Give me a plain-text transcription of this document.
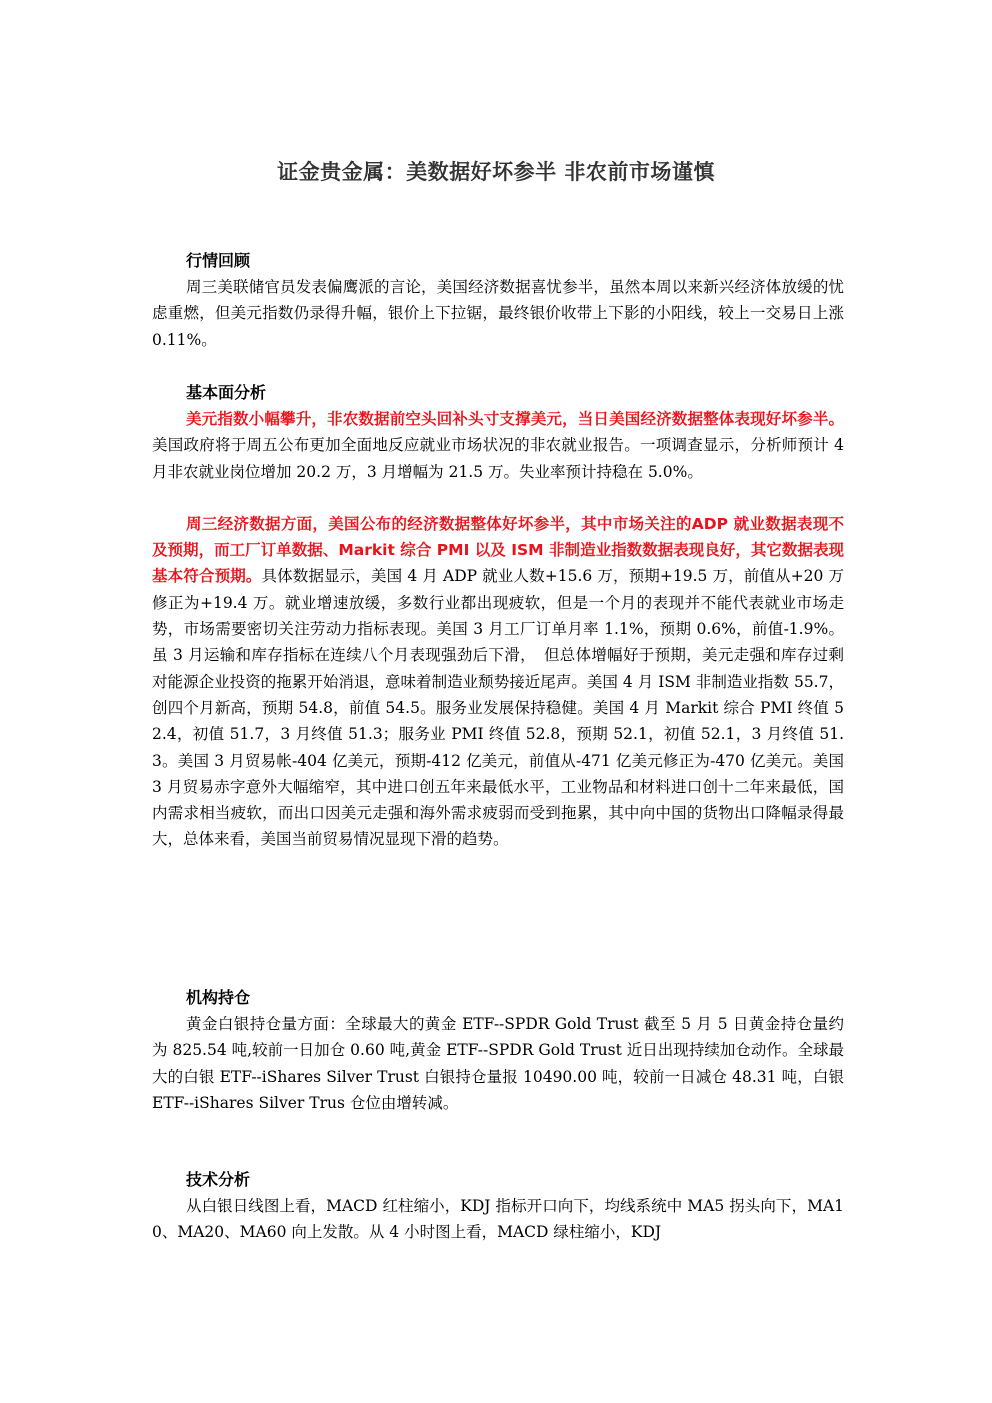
证金贵金属：美数据好坏参半 非农前市场谨慎
行情回顾

周三美联储官员发表偏鹰派的言论，美国经济数据喜忧参半，虽然本周以来新兴经济体放缓的忧虑重燃，但美元指数仍录得升幅，银价上下拉锯，最终银价收带上下影的小阳线，较上一交易日上涨 0.11%。

基本面分析

美元指数小幅攀升，非农数据前空头回补头寸支撑美元，当日美国经济数据整体表现好坏参半。美国政府将于周五公布更加全面地反应就业市场状况的非农就业报告。一项调查显示，分析师预计 4 月非农就业岗位增加 20.2 万，3 月增幅为 21.5 万。失业率预计持稳在 5.0%。

周三经济数据方面，美国公布的经济数据整体好坏参半，其中市场关注的ADP 就业数据表现不及预期，而工厂订单数据、Markit 综合 PMI 以及 ISM 非制造业指数数据表现良好，其它数据表现基本符合预期。具体数据显示，美国 4 月 ADP 就业人数+15.6 万，预期+19.5 万，前值从+20 万修正为+19.4 万。就业增速放缓，多数行业都出现疲软，但是一个月的表现并不能代表就业市场走势，市场需要密切关注劳动力指标表现。美国 3 月工厂订单月率 1.1%，预期 0.6%，前值-1.9%。虽 3 月运输和库存指标在连续八个月表现强劲后下滑，　但总体增幅好于预期，美元走强和库存过剩对能源企业投资的拖累开始消退，意味着制造业颓势接近尾声。美国 4 月 ISM 非制造业指数 55.7，创四个月新高，预期 54.8，前值 54.5。服务业发展保持稳健。美国 4 月 Markit 综合 PMI 终值 52.4，初值 51.7，3 月终值 51.3；服务业 PMI 终值 52.8，预期 52.1，初值 52.1，3 月终值 51.3。美国 3 月贸易帐-404 亿美元，预期-412 亿美元，前值从-471 亿美元修正为-470 亿美元。美国 3 月贸易赤字意外大幅缩窄，其中进口创五年来最低水平，工业物品和材料进口创十二年来最低，国内需求相当疲软，而出口因美元走强和海外需求疲弱而受到拖累，其中向中国的货物出口降幅录得最大，总体来看，美国当前贸易情况显现下滑的趋势。

机构持仓

黄金白银持仓量方面：全球最大的黄金 ETF--SPDR Gold Trust 截至 5 月 5 日黄金持仓量约为 825.54 吨,较前一日加仓 0.60 吨,黄金 ETF--SPDR Gold Trust 近日出现持续加仓动作。全球最大的白银 ETF--iShares Silver Trust 白银持仓量报 10490.00 吨，较前一日减仓 48.31 吨，白银 ETF--iShares Silver Trus 仓位由增转减。

技术分析

从白银日线图上看，MACD 红柱缩小，KDJ 指标开口向下，均线系统中 MA5 拐头向下，MA10、MA20、MA60 向上发散。从 4 小时图上看，MACD 绿柱缩小，KDJ
